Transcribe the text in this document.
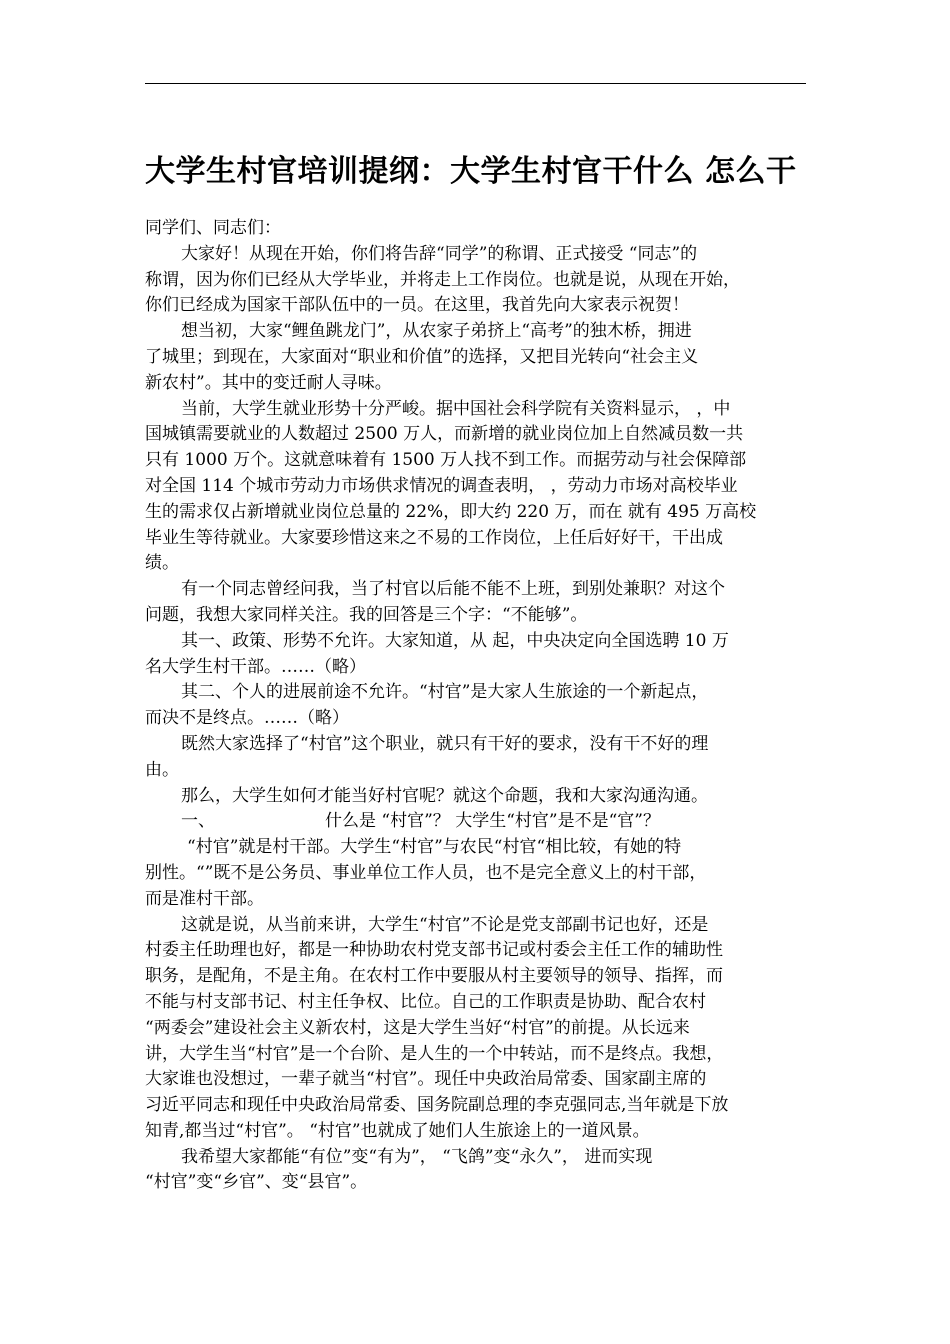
大学生村官培训提纲：大学生村官干什么 怎么干
同学们、同志们：
大家好！从现在开始，你们将告辞“同学”的称谓、正式接受 “同志”的
称谓，因为你们已经从大学毕业，并将走上工作岗位。也就是说，从现在开始，
你们已经成为国家干部队伍中的一员。在这里，我首先向大家表示祝贺！
想当初，大家“鲤鱼跳龙门”，从农家子弟挤上“高考”的独木桥，拥进
了城里；到现在，大家面对“职业和价值”的选择，又把目光转向“社会主义
新农村”。其中的变迁耐人寻味。
当前，大学生就业形势十分严峻。据中国社会科学院有关资料显示， ，中
国城镇需要就业的人数超过 2500 万人，而新增的就业岗位加上自然减员数一共
只有 1000 万个。这就意味着有 1500 万人找不到工作。而据劳动与社会保障部
对全国 114 个城市劳动力市场供求情况的调查表明， ，劳动力市场对高校毕业
生的需求仅占新增就业岗位总量的 22%，即大约 220 万，而在 就有 495 万高校
毕业生等待就业。大家要珍惜这来之不易的工作岗位，上任后好好干，干出成
绩。
有一个同志曾经问我，当了村官以后能不能不上班，到别处兼职？对这个
问题，我想大家同样关注。我的回答是三个字：“不能够”。
其一、政策、形势不允许。大家知道，从 起，中央决定向全国选聘 10 万
名大学生村干部。……（略）
其二、个人的进展前途不允许。“村官”是大家人生旅途的一个新起点，
而决不是终点。……（略）
既然大家选择了“村官”这个职业，就只有干好的要求，没有干不好的理
由。
那么，大学生如何才能当好村官呢？就这个命题，我和大家沟通沟通。
一、	什么是 “村官”？ 大学生“村官”是不是“官”？
“村官”就是村干部。大学生“村官”与农民“村官“相比较，有她的特
别性。“”既不是公务员、事业单位工作人员，也不是完全意义上的村干部，
而是准村干部。
这就是说，从当前来讲，大学生“村官”不论是党支部副书记也好，还是
村委主任助理也好，都是一种协助农村党支部书记或村委会主任工作的辅助性
职务，是配角，不是主角。在农村工作中要服从村主要领导的领导、指挥，而
不能与村支部书记、村主任争权、比位。自己的工作职责是协助、配合农村
“两委会”建设社会主义新农村，这是大学生当好“村官”的前提。从长远来
讲，大学生当“村官”是一个台阶、是人生的一个中转站，而不是终点。我想，
大家谁也没想过，一辈子就当“村官”。现任中央政治局常委、国家副主席的
习近平同志和现任中央政治局常委、国务院副总理的李克强同志,当年就是下放
知青,都当过“村官”。 “村官”也就成了她们人生旅途上的一道风景。
我希望大家都能“有位”变“有为”， “飞鸽”变“永久”， 进而实现
“村官”变“乡官”、变“县官”。
